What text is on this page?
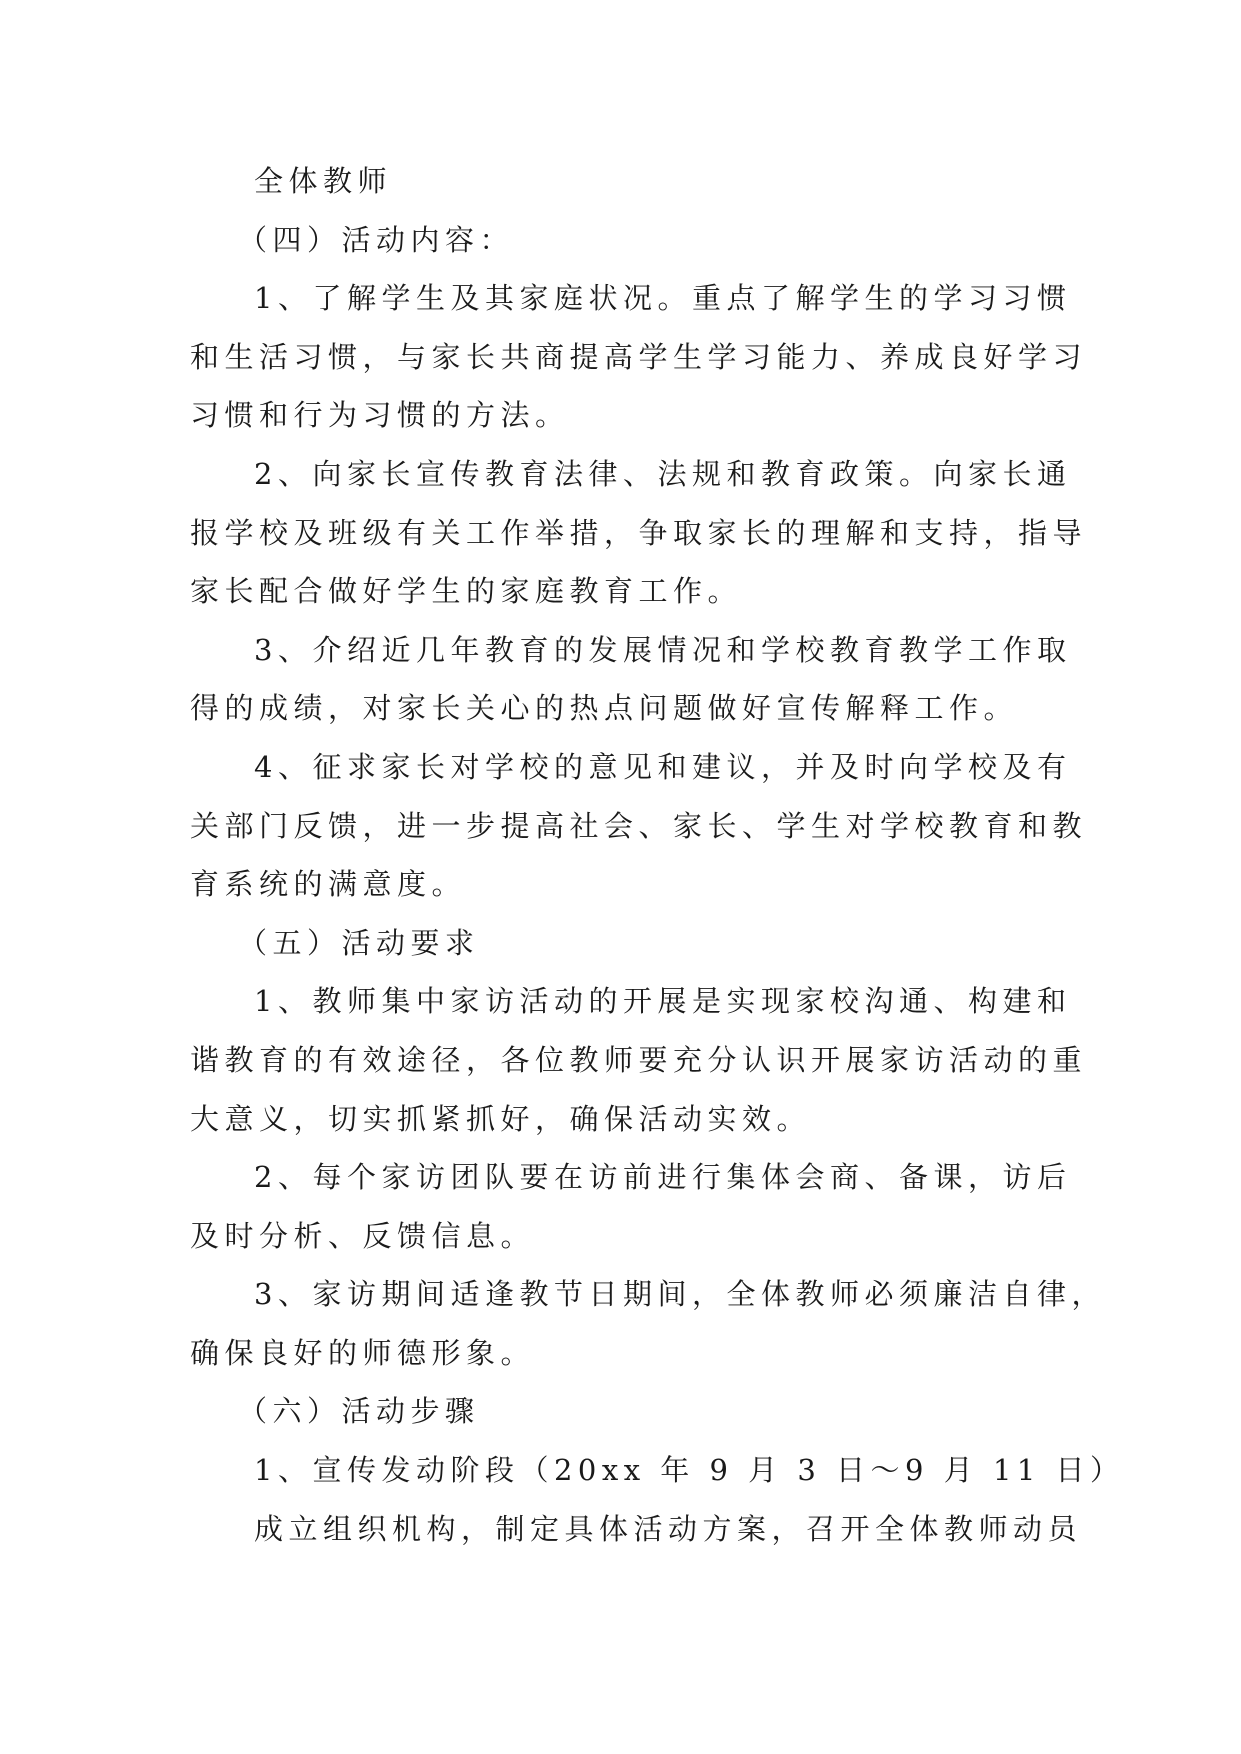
全体教师
（四）活动内容：
1、了解学生及其家庭状况。重点了解学生的学习习惯
和生活习惯，与家长共商提高学生学习能力、养成良好学习
习惯和行为习惯的方法。
2、向家长宣传教育法律、法规和教育政策。向家长通
报学校及班级有关工作举措，争取家长的理解和支持，指导
家长配合做好学生的家庭教育工作。
3、介绍近几年教育的发展情况和学校教育教学工作取
得的成绩，对家长关心的热点问题做好宣传解释工作。
4、征求家长对学校的意见和建议，并及时向学校及有
关部门反馈，进一步提高社会、家长、学生对学校教育和教
育系统的满意度。
（五）活动要求
1、教师集中家访活动的开展是实现家校沟通、构建和
谐教育的有效途径，各位教师要充分认识开展家访活动的重
大意义，切实抓紧抓好，确保活动实效。
2、每个家访团队要在访前进行集体会商、备课，访后
及时分析、反馈信息。
3、家访期间适逢教节日期间，全体教师必须廉洁自律，
确保良好的师德形象。
（六）活动步骤
1、宣传发动阶段（20xx 年 9 月 3 日～9 月 11 日）
成立组织机构，制定具体活动方案，召开全体教师动员
